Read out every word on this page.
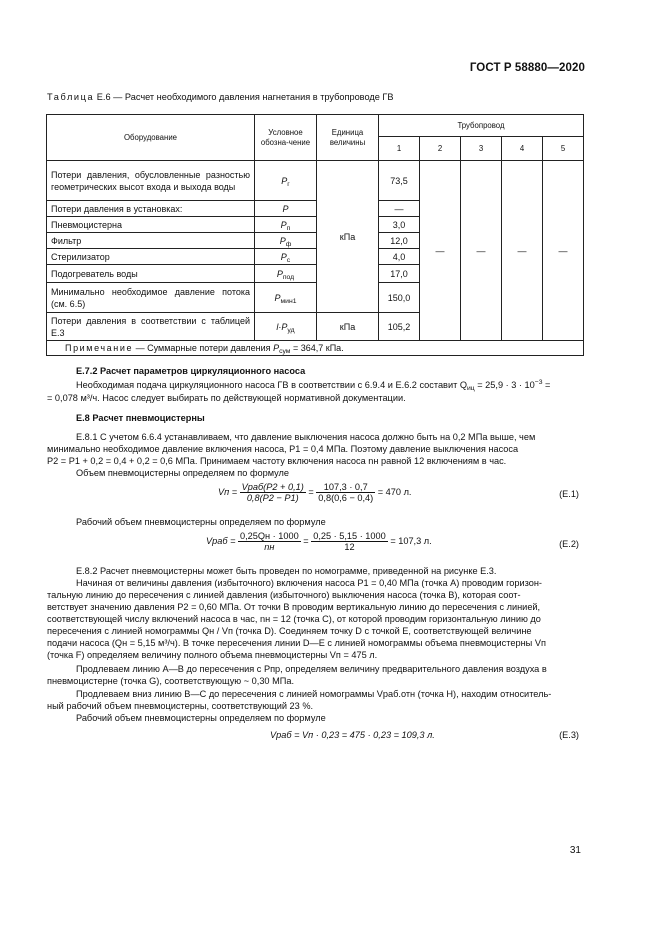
ГОСТ Р 58880—2020
Таблица Е.6 — Расчет необходимого давления нагнетания в трубопроводе ГВ
Оборудование	Условное обозна-чение	Единица величины	Трубопровод				
			1	2	3	4	5
Потери давления, обусловленные разностью геометрических высот входа и выхода воды	$P_г$	кПа	73,5	—	—	—	—
Потери давления в установках:	P		—				
Пневмоцистерна	$P_п$		3,0				
Фильтр	$P_ф$		12,0				
Стерилизатор	$P_с$		4,0				
Подогреватель воды	$P_{под}$		17,0				
Минимально необходимое давление потока (см. 6.5)	$P_{мин1}$		150,0				
Потери давления в соответствии с таблицей Е.3	$l\cdot P_{уд}$	кПа	105,2				
Примечание — Суммарные потери давления $P_{сум} = 364,7$ кПа.							
Е.7.2 Расчет параметров циркуляционного насоса
Необходимая подача циркуляционного насоса ГВ в соответствии с 6.9.4 и Е.6.2 составит $Q_{иц} = 25,9 \cdot 3 \cdot 10^{-3}$ =
= 0,078 м³/ч. Насос следует выбирать по действующей нормативной документации.
Е.8 Расчет пневмоцистерны
Е.8.1 С учетом 6.6.4 устанавливаем, что давление выключения насоса должно быть на 0,2 МПа выше, чем
минимально необходимое давление включения насоса, P1 = 0,4 МПа. Поэтому давление выключения насоса
P2 = P1 + 0,2 = 0,4 + 0,2 = 0,6 МПа. Принимаем частоту включения насоса nн равной 12 включениям в час.
Объем пневмоцистерны определяем по формуле
Vп = $\frac{\text{Vраб(P2 + 0,1)}}{0,8(P2 - P1)} = \frac{107,3 \cdot 0,7}{0,8(0,6 - 0,4)} = 470$ л.	(Е.1)
Рабочий объем пневмоцистерны определяем по формуле
Vраб = $\frac{0,25Qн \cdot 1000}{nн} = \frac{0,25 \cdot 5,15 \cdot 1000}{12} = 107,3$ л.	(Е.2)
Е.8.2 Расчет пневмоцистерны может быть проведен по номограмме, приведенной на рисунке Е.3.
Начиная от величины давления (избыточного) включения насоса P1 = 0,40 МПа (точка A) проводим горизон-
тальную линию до пересечения с линией давления (избыточного) выключения насоса (точка B), которая соот-
ветствует значению давления P2 = 0,60 МПа. От точки B проводим вертикальную линию до пересечения с линией,
соответствующей числу включений насоса в час, nн = 12 (точка C), от которой проводим горизонтальную линию до
пересечения с линией номограммы Qн / Vп (точка D). Соединяем точку D с точкой E, соответствующей величине
подачи насоса (Qн = 5,15 м³/ч). В точке пересечения линии D—E с линией номограммы объема пневмоцистерны Vп
(точка F) определяем величину полного объема пневмоцистерны Vп = 475 л.
Продлеваем линию A—B до пересечения с Pпр, определяем величину предварительного давления воздуха в
пневмоцистерне (точка G), соответствующую ~ 0,30 МПа.
Продлеваем вниз линию B—C до пересечения с линией номограммы Vраб.отн (точка H), находим относитель-
ный рабочий объем пневмоцистерны, соответствующий 23 %.
Рабочий объем пневмоцистерны определяем по формуле
Vраб = Vп · 0,23 = 475 · 0,23 = 109,3 л.	(Е.3)
31
